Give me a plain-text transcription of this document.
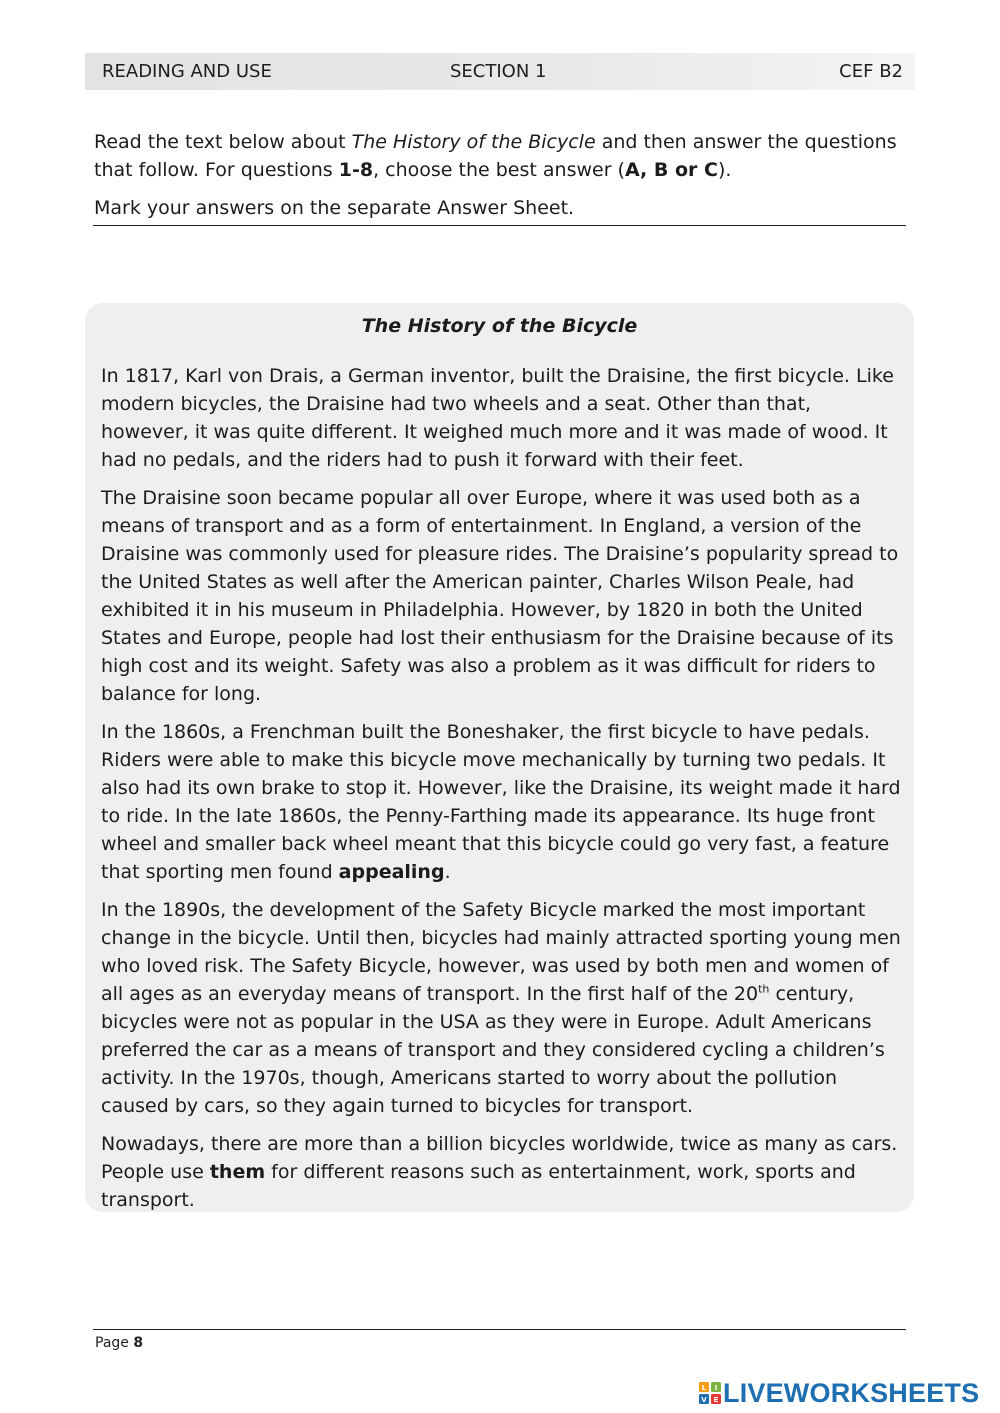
READING AND USE	SECTION 1	CEF B2

Read the text below about The History of the Bicycle and then answer the questions that follow. For questions 1-8, choose the best answer (A, B or C).

Mark your answers on the separate Answer Sheet.

The History of the Bicycle

In 1817, Karl von Drais, a German inventor, built the Draisine, the first bicycle. Like modern bicycles, the Draisine had two wheels and a seat. Other than that, however, it was quite different. It weighed much more and it was made of wood. It had no pedals, and the riders had to push it forward with their feet.

The Draisine soon became popular all over Europe, where it was used both as a means of transport and as a form of entertainment. In England, a version of the Draisine was commonly used for pleasure rides. The Draisine’s popularity spread to the United States as well after the American painter, Charles Wilson Peale, had exhibited it in his museum in Philadelphia. However, by 1820 in both the United States and Europe, people had lost their enthusiasm for the Draisine because of its high cost and its weight. Safety was also a problem as it was difficult for riders to balance for long.

In the 1860s, a Frenchman built the Boneshaker, the first bicycle to have pedals. Riders were able to make this bicycle move mechanically by turning two pedals. It also had its own brake to stop it. However, like the Draisine, its weight made it hard to ride. In the late 1860s, the Penny-Farthing made its appearance. Its huge front wheel and smaller back wheel meant that this bicycle could go very fast, a feature that sporting men found appealing.

In the 1890s, the development of the Safety Bicycle marked the most important change in the bicycle. Until then, bicycles had mainly attracted sporting young men who loved risk. The Safety Bicycle, however, was used by both men and women of all ages as an everyday means of transport. In the first half of the 20th century, bicycles were not as popular in the USA as they were in Europe. Adult Americans preferred the car as a means of transport and they considered cycling a children’s activity. In the 1970s, though, Americans started to worry about the pollution caused by cars, so they again turned to bicycles for transport.

Nowadays, there are more than a billion bicycles worldwide, twice as many as cars. People use them for different reasons such as entertainment, work, sports and transport.

Page 8
L I
V E LIVEWORKSHEETS
